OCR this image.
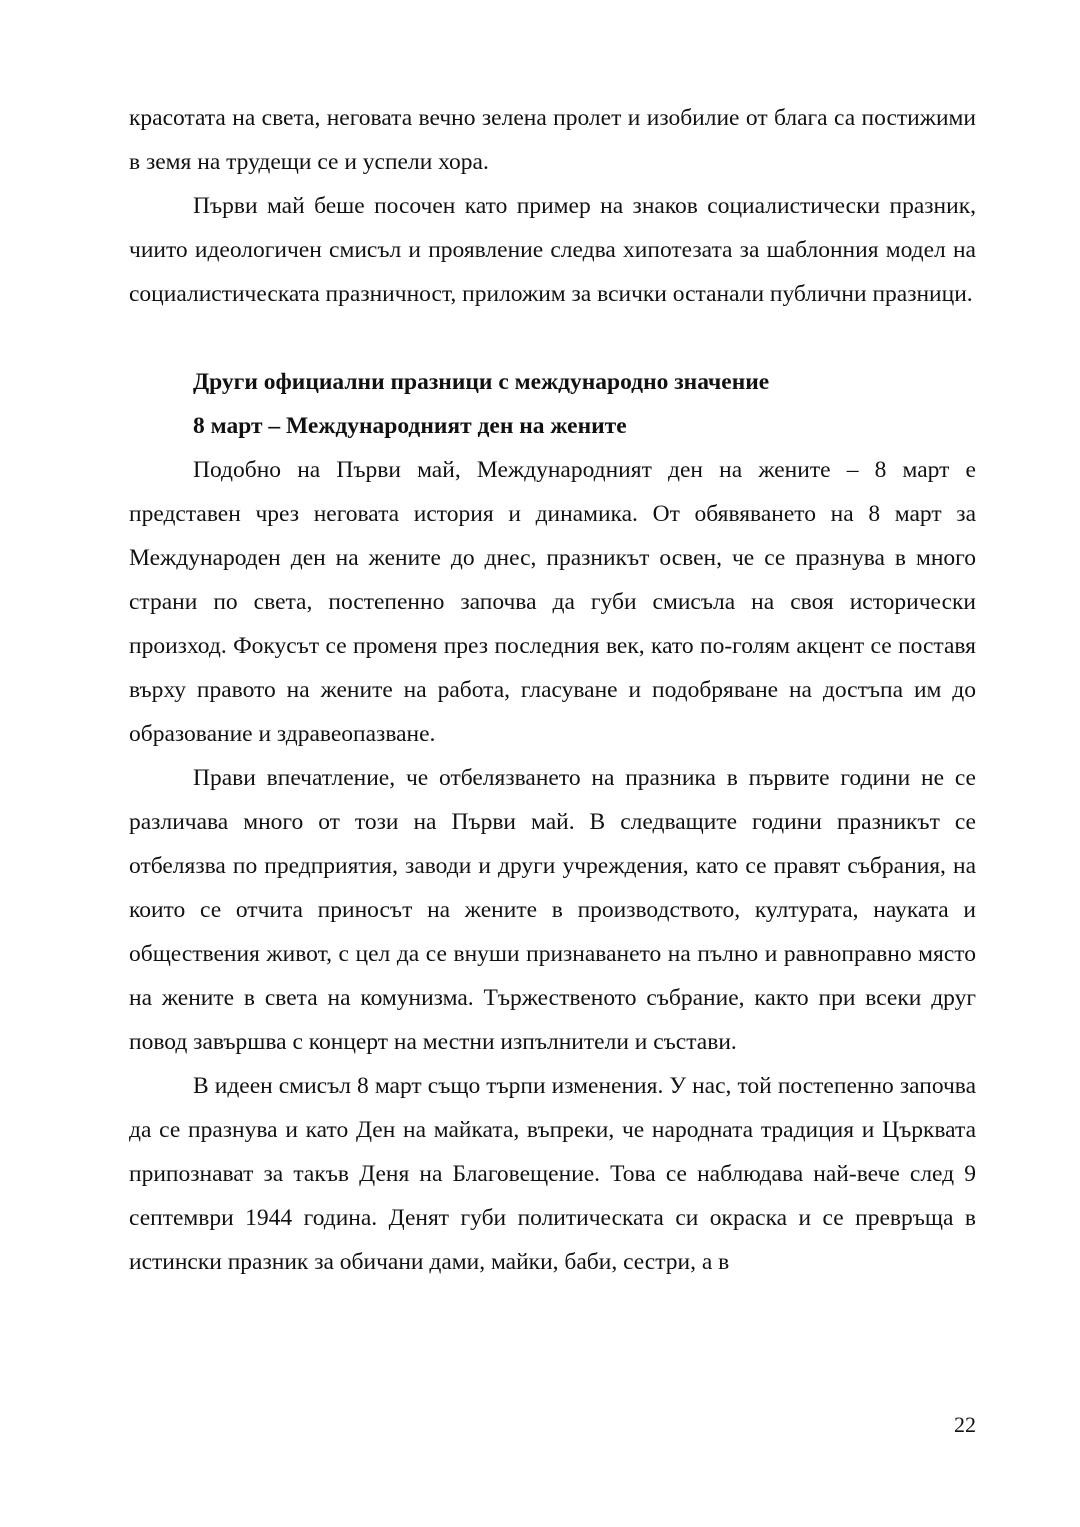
красотата на света, неговата вечно зелена пролет и изобилие от блага са постижими в земя на трудещи се и успели хора.

Първи май беше посочен като пример на знаков социалистически празник, чиито идеологичен смисъл и проявление следва хипотезата за шаблонния модел на социалистическата празничност, приложим за всички останали публични празници.

Други официални празници с международно значение

8 март – Международният ден на жените

Подобно на Първи май, Международният ден на жените – 8 март е представен чрез неговата история и динамика. От обявяването на 8 март за Международен ден на жените до днес, празникът освен, че се празнува в много страни по света, постепенно започва да губи смисъла на своя исторически произход. Фокусът се променя през последния век, като по-голям акцент се поставя върху правото на жените на работа, гласуване и подобряване на достъпа им до образование и здравеопазване.

Прави впечатление, че отбелязването на празника в първите години не се различава много от този на Първи май. В следващите години празникът се отбелязва по предприятия, заводи и други учреждения, като се правят събрания, на които се отчита приносът на жените в производството, културата, науката и обществения живот, с цел да се внуши признаването на пълно и равноправно място на жените в света на комунизма. Тържественото събрание, както при всеки друг повод завършва с концерт на местни изпълнители и състави.

В идеен смисъл 8 март също търпи изменения. У нас, той постепенно започва да се празнува и като Ден на майката, въпреки, че народната традиция и Църквата припознават за такъв Деня на Благовещение. Това се наблюдава най-вече след 9 септември 1944 година. Денят губи политическата си окраска и се превръща в истински празник за обичани дами, майки, баби, сестри, а в

22
